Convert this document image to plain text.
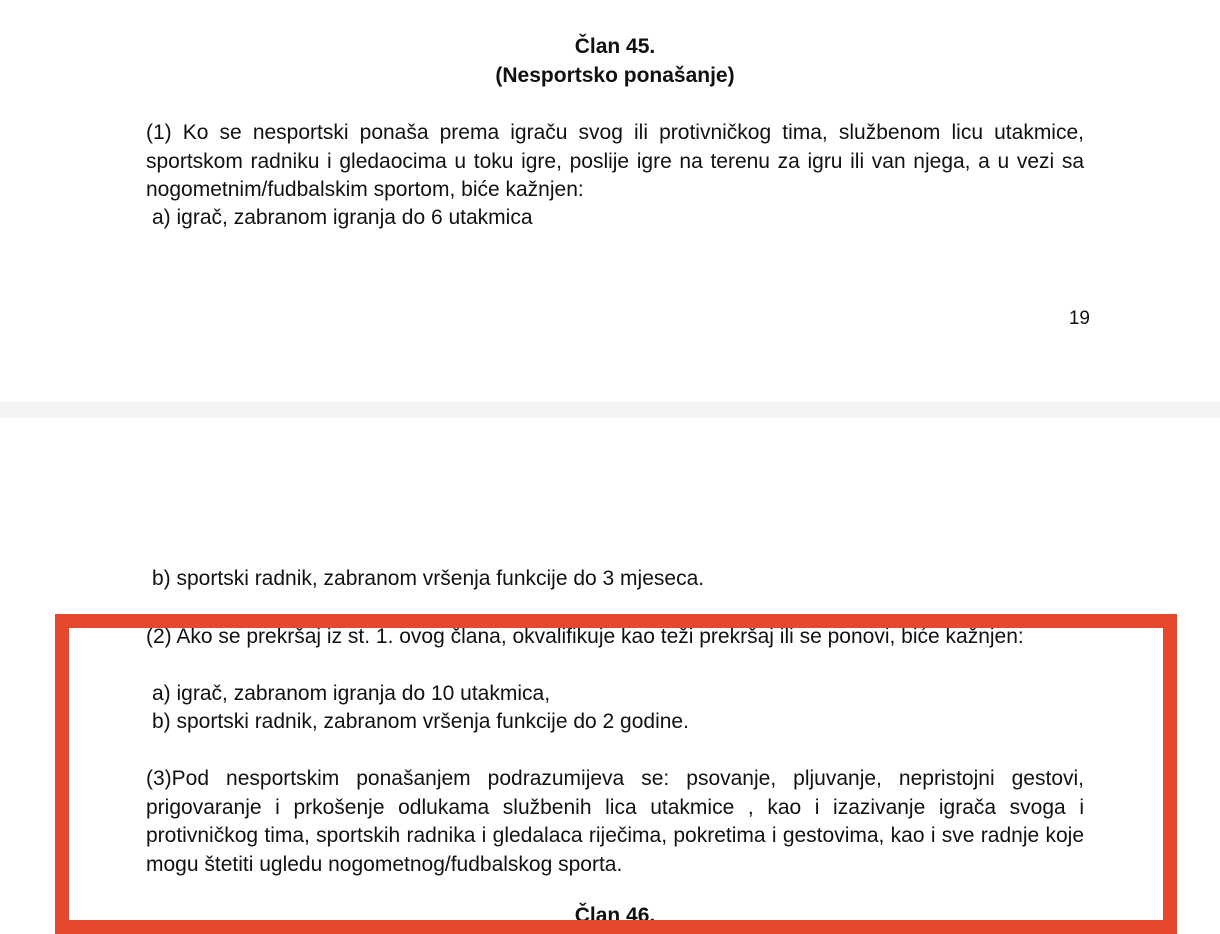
Član 45.
(Nesportsko ponašanje)

(1) Ko se nesportski ponaša prema igraču svog ili protivničkog tima, službenom licu utakmice, sportskom radniku i gledaocima u toku igre, poslije igre na terenu za igru ili van njega, a u vezi sa nogometnim/fudbalskim sportom, biće kažnjen:

a) igrač, zabranom igranja do 6 utakmica
19
b) sportski radnik, zabranom vršenja funkcije do 3 mjeseca.

(2) Ako se prekršaj iz st. 1. ovog člana, okvalifikuje kao teži prekršaj ili se ponovi, biće kažnjen:

a) igrač, zabranom igranja do 10 utakmica,
b) sportski radnik, zabranom vršenja funkcije do 2 godine.

(3)Pod nesportskim ponašanjem podrazumijeva se: psovanje, pljuvanje, nepristojni gestovi, prigovaranje i prkošenje odlukama službenih lica utakmice , kao i izazivanje igrača svoga i protivničkog tima, sportskih radnika i gledalaca riječima, pokretima i gestovima, kao i sve radnje koje mogu štetiti ugledu nogometnog/fudbalskog sporta.

Član 46.
